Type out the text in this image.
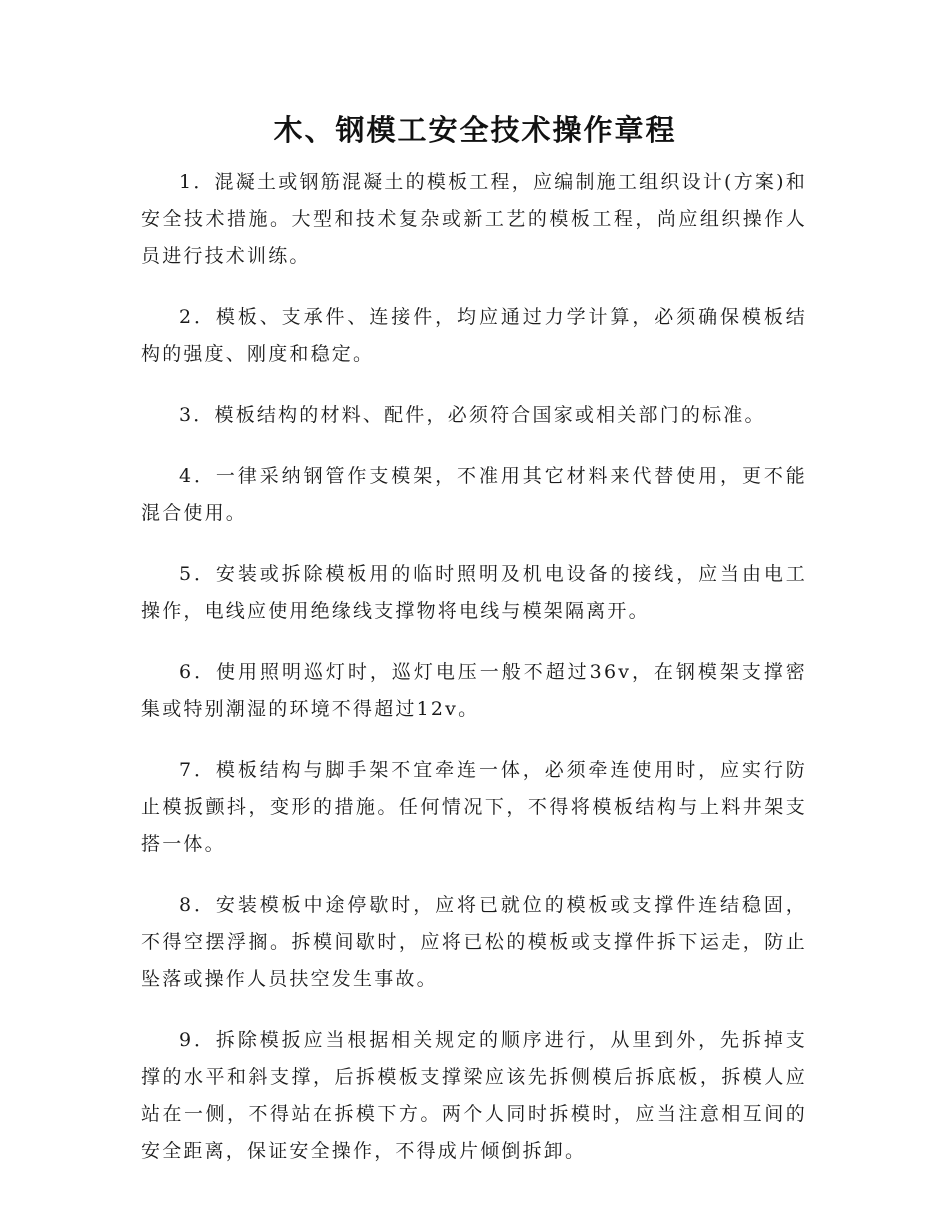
木、钢模工安全技术操作章程

1．混凝土或钢筋混凝土的模板工程，应编制施工组织设计(方案)和安全技术措施。大型和技术复杂或新工艺的模板工程，尚应组织操作人员进行技术训练。

2．模板、支承件、连接件，均应通过力学计算，必须确保模板结构的强度、刚度和稳定。

3．模板结构的材料、配件，必须符合国家或相关部门的标准。

4．一律采纳钢管作支模架，不准用其它材料来代替使用，更不能混合使用。

5．安装或拆除模板用的临时照明及机电设备的接线，应当由电工操作，电线应使用绝缘线支撑物将电线与模架隔离开。

6．使用照明巡灯时，巡灯电压一般不超过36v，在钢模架支撑密集或特别潮湿的环境不得超过12v。

7．模板结构与脚手架不宜牵连一体，必须牵连使用时，应实行防止模扳颤抖，变形的措施。任何情况下，不得将模板结构与上料井架支搭一体。

8．安装模板中途停歇时，应将已就位的模板或支撑件连结稳固，不得空摆浮搁。拆模间歇时，应将已松的模板或支撑件拆下运走，防止坠落或操作人员扶空发生事故。

9．拆除模扳应当根据相关规定的顺序进行，从里到外，先拆掉支撑的水平和斜支撑，后拆模板支撑梁应该先拆侧模后拆底板，拆模人应站在一侧，不得站在拆模下方。两个人同时拆模时，应当注意相互间的安全距离，保证安全操作，不得成片倾倒拆卸。
